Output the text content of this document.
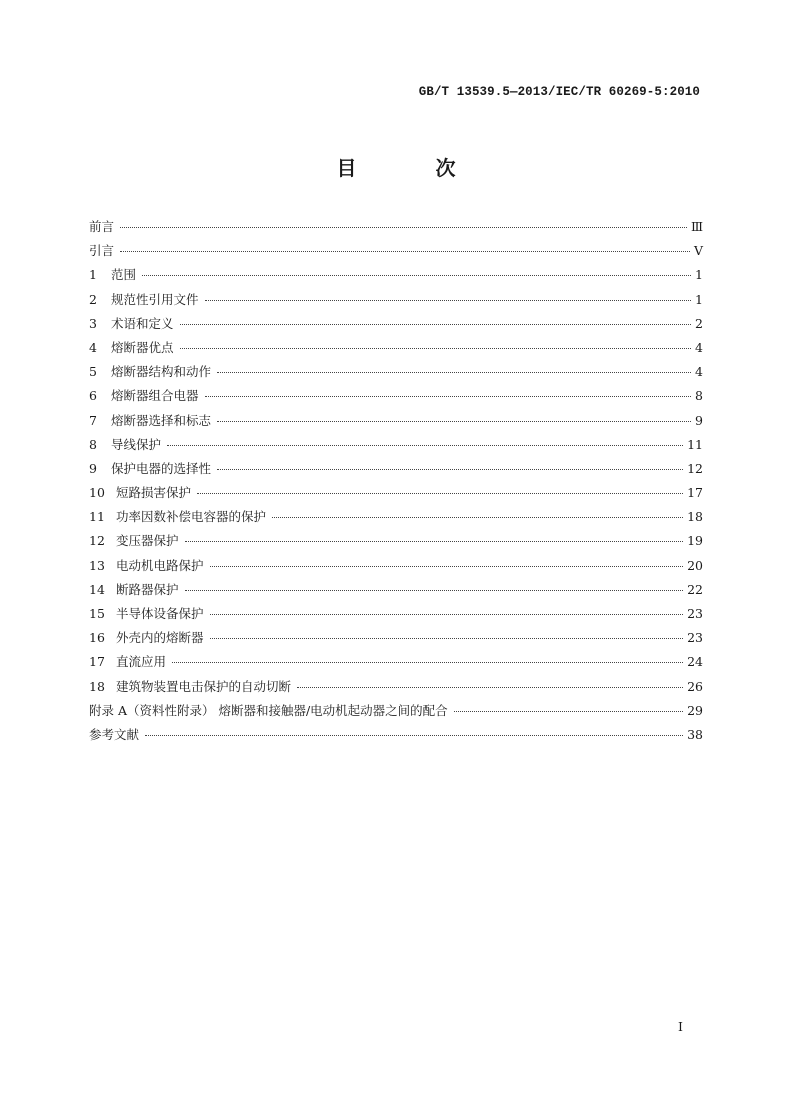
GB/T 13539.5—2013/IEC/TR 60269-5:2010
目 次
前言	Ⅲ
引言	Ⅴ
1 范围	1
2 规范性引用文件	1
3 术语和定义	2
4 熔断器优点	4
5 熔断器结构和动作	4
6 熔断器组合电器	8
7 熔断器选择和标志	9
8 导线保护	11
9 保护电器的选择性	12
10 短路损害保护	17
11 功率因数补偿电容器的保护	18
12 变压器保护	19
13 电动机电路保护	20
14 断路器保护	22
15 半导体设备保护	23
16 外壳内的熔断器	23
17 直流应用	24
18 建筑物装置电击保护的自动切断	26
附录 A（资料性附录） 熔断器和接触器/电动机起动器之间的配合	29
参考文献	38
I
